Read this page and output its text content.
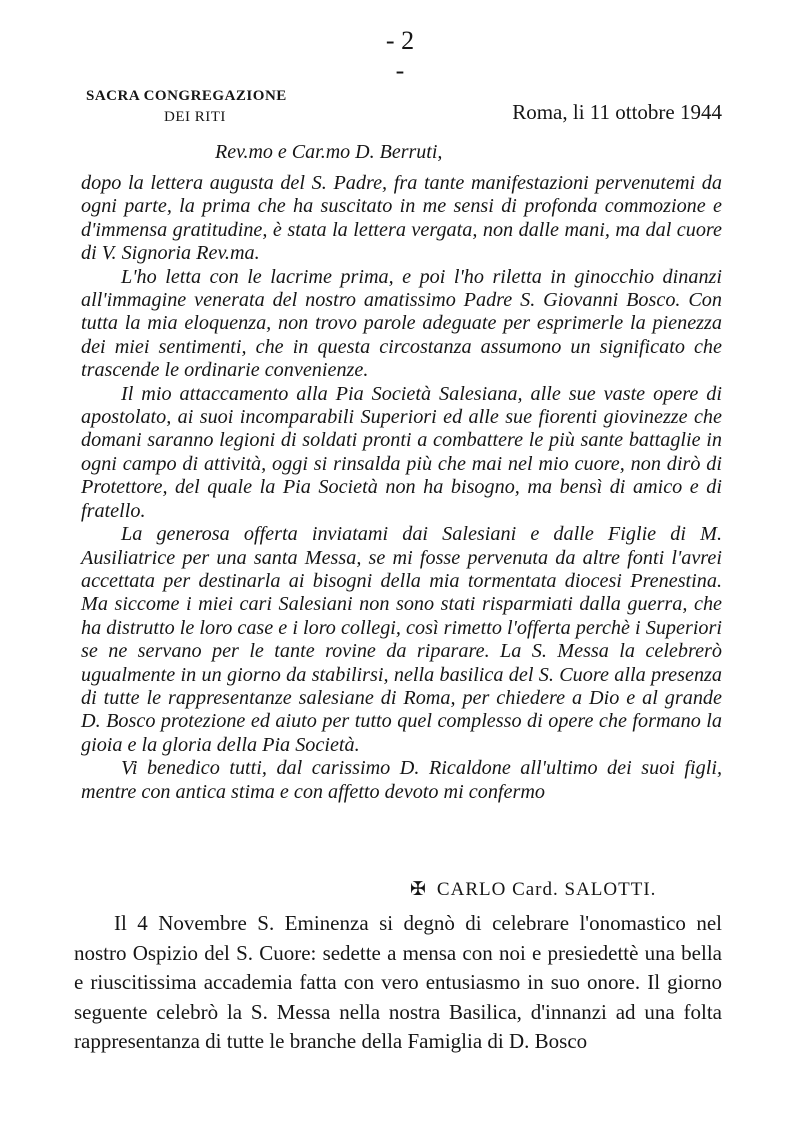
- 2 -
SACRA CONGREGAZIONE
DEI RITI	Roma, li 11 ottobre 1944
Rev.mo e Car.mo D. Berruti,

dopo la lettera augusta del S. Padre, fra tante manifestazioni pervenutemi da ogni parte, la prima che ha suscitato in me sensi di profonda commozione e d'immensa gratitudine, è stata la lettera vergata, non dalle mani, ma dal cuore di V. Signoria Rev.ma.

L'ho letta con le lacrime prima, e poi l'ho riletta in ginocchio dinanzi all'immagine venerata del nostro amatissimo Padre S. Giovanni Bosco. Con tutta la mia eloquenza, non trovo parole adeguate per esprimerle la pienezza dei miei sentimenti, che in questa circostanza assumono un significato che trascende le ordinarie convenienze.

Il mio attaccamento alla Pia Società Salesiana, alle sue vaste opere di apostolato, ai suoi incomparabili Superiori ed alle sue fiorenti giovinezze che domani saranno legioni di soldati pronti a combattere le più sante battaglie in ogni campo di attività, oggi si rinsalda più che mai nel mio cuore, non dirò di Protettore, del quale la Pia Società non ha bisogno, ma bensì di amico e di fratello.

La generosa offerta inviatami dai Salesiani e dalle Figlie di M. Ausiliatrice per una santa Messa, se mi fosse pervenuta da altre fonti l'avrei accettata per destinarla ai bisogni della mia tormentata diocesi Prenestina. Ma siccome i miei cari Salesiani non sono stati risparmiati dalla guerra, che ha distrutto le loro case e i loro collegi, così rimetto l'offerta perchè i Superiori se ne servano per le tante rovine da riparare. La S. Messa la celebrerò ugualmente in un giorno da stabilirsi, nella basilica del S. Cuore alla presenza di tutte le rappresentanze salesiane di Roma, per chiedere a Dio e al grande D. Bosco protezione ed aiuto per tutto quel complesso di opere che formano la gioia e la gloria della Pia Società.

Vi benedico tutti, dal carissimo D. Ricaldone all'ultimo dei suoi figli, mentre con antica stima e con affetto devoto mi confermo

✠ CARLO Card. SALOTTI.

Il 4 Novembre S. Eminenza si degnò di celebrare l'onomastico nel nostro Ospizio del S. Cuore: sedette a mensa con noi e presiedettè una bella e riuscitissima accademia fatta con vero entusiasmo in suo onore. Il giorno seguente celebrò la S. Messa nella nostra Basilica, d'innanzi ad una folta rappresentanza di tutte le branche della Famiglia di D. Bosco
